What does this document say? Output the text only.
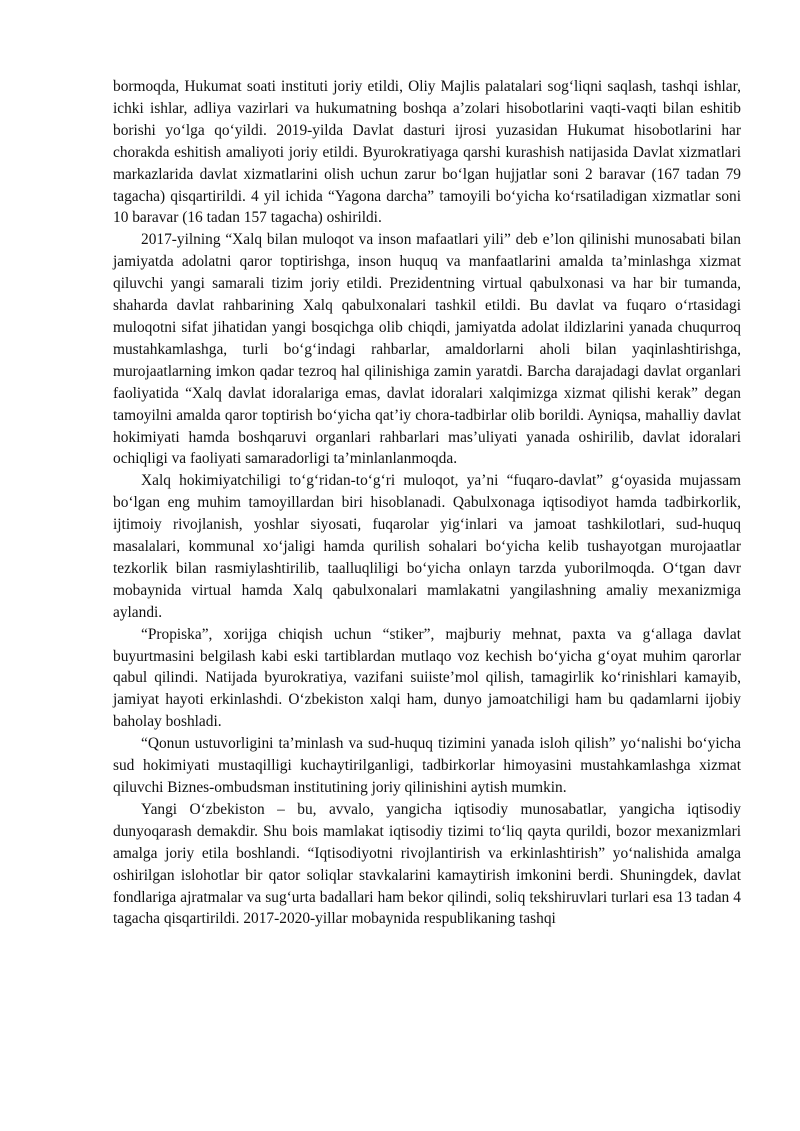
bormoqda, Hukumat soati instituti joriy etildi, Oliy Majlis palatalari sog‘liqni saqlash, tashqi ishlar, ichki ishlar, adliya vazirlari va hukumatning boshqa a’zolari hisobotlarini vaqti-vaqti bilan eshitib borishi yo‘lga qo‘yildi. 2019-yilda Davlat dasturi ijrosi yuzasidan Hukumat hisobotlarini har chorakda eshitish amaliyoti joriy etildi. Byurokratiyaga qarshi kurashish natijasida Davlat xizmatlari markazlarida davlat xizmatlarini olish uchun zarur bo‘lgan hujjatlar soni 2 baravar (167 tadan 79 tagacha) qisqartirildi. 4 yil ichida “Yagona darcha” tamoyili bo‘yicha ko‘rsatiladigan xizmatlar soni 10 baravar (16 tadan 157 tagacha) oshirildi.

2017-yilning “Xalq bilan muloqot va inson mafaatlari yili” deb e’lon qilinishi munosabati bilan jamiyatda adolatni qaror toptirishga, inson huquq va manfaatlarini amalda ta’minlashga xizmat qiluvchi yangi samarali tizim joriy etildi. Prezidentning virtual qabulxonasi va har bir tumanda, shaharda davlat rahbarining Xalq qabulxonalari tashkil etildi. Bu davlat va fuqaro o‘rtasidagi muloqotni sifat jihatidan yangi bosqichga olib chiqdi, jamiyatda adolat ildizlarini yanada chuqurroq mustahkamlashga, turli bo‘g‘indagi rahbarlar, amaldorlarni aholi bilan yaqinlashtirishga, murojaatlarning imkon qadar tezroq hal qilinishiga zamin yaratdi. Barcha darajadagi davlat organlari faoliyatida “Xalq davlat idoralariga emas, davlat idoralari xalqimizga xizmat qilishi kerak” degan tamoyilni amalda qaror toptirish bo‘yicha qat’iy chora-tadbirlar olib borildi. Ayniqsa, mahalliy davlat hokimiyati hamda boshqaruvi organlari rahbarlari mas’uliyati yanada oshirilib, davlat idoralari ochiqligi va faoliyati samaradorligi ta’minlanlanmoqda.

Xalq hokimiyatchiligi to‘g‘ridan-to‘g‘ri muloqot, ya’ni “fuqaro-davlat” g‘oyasida mujassam bo‘lgan eng muhim tamoyillardan biri hisoblanadi. Qabulxonaga iqtisodiyot hamda tadbirkorlik, ijtimoiy rivojlanish, yoshlar siyosati, fuqarolar yig‘inlari va jamoat tashkilotlari, sud-huquq masalalari, kommunal xo‘jaligi hamda qurilish sohalari bo‘yicha kelib tushayotgan murojaatlar tezkorlik bilan rasmiylashtirilib, taalluqliligi bo‘yicha onlayn tarzda yuborilmoqda. O‘tgan davr mobaynida virtual hamda Xalq qabulxonalari mamlakatni yangilashning amaliy mexanizmiga aylandi.

“Propiska”, xorijga chiqish uchun “stiker”, majburiy mehnat, paxta va g‘allaga davlat buyurtmasini belgilash kabi eski tartiblardan mutlaqo voz kechish bo‘yicha g‘oyat muhim qarorlar qabul qilindi. Natijada byurokratiya, vazifani suiiste’mol qilish, tamagirlik ko‘rinishlari kamayib, jamiyat hayoti erkinlashdi. O‘zbekiston xalqi ham, dunyo jamoatchiligi ham bu qadamlarni ijobiy baholay boshladi.

“Qonun ustuvorligini ta’minlash va sud-huquq tizimini yanada isloh qilish” yo‘nalishi bo‘yicha sud hokimiyati mustaqilligi kuchaytirilganligi, tadbirkorlar himoyasini mustahkamlashga xizmat qiluvchi Biznes-ombudsman institutining joriy qilinishini aytish mumkin.

Yangi O‘zbekiston – bu, avvalo, yangicha iqtisodiy munosabatlar, yangicha iqtisodiy dunyoqarash demakdir. Shu bois mamlakat iqtisodiy tizimi to‘liq qayta qurildi, bozor mexanizmlari amalga joriy etila boshlandi. “Iqtisodiyotni rivojlantirish va erkinlashtirish” yo‘nalishida amalga oshirilgan islohotlar bir qator soliqlar stavkalarini kamaytirish imkonini berdi. Shuningdek, davlat fondlariga ajratmalar va sug‘urta badallari ham bekor qilindi, soliq tekshiruvlari turlari esa 13 tadan 4 tagacha qisqartirildi. 2017-2020-yillar mobaynida respublikaning tashqi
